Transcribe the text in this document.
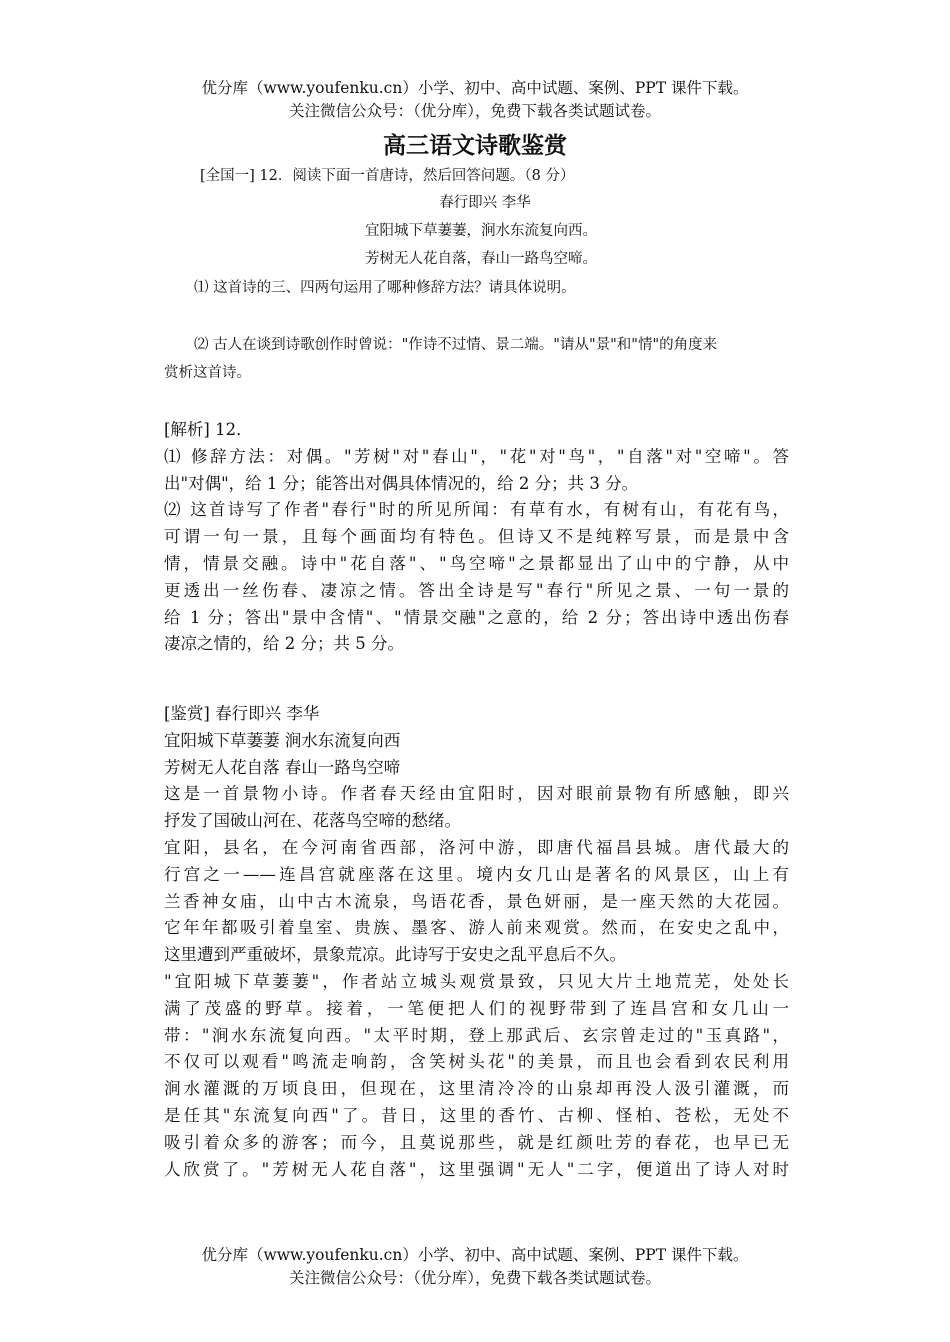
优分库（www.youfenku.cn）小学、初中、高中试题、案例、PPT 课件下载。
关注微信公众号：（优分库），免费下载各类试题试卷。
高三语文诗歌鉴赏
[全国一] 12．阅读下面一首唐诗，然后回答问题。（8 分）
春行即兴 李华
宜阳城下草萋萋，涧水东流复向西。
芳树无人花自落，春山一路鸟空啼。
⑴ 这首诗的三、四两句运用了哪种修辞方法？请具体说明。
⑵ 古人在谈到诗歌创作时曾说："作诗不过情、景二端。"请从"景"和"情"的角度来
赏析这首诗。
[解析] 12．
⑴ 修辞方法：对偶。"芳树"对"春山"，"花"对"鸟"，"自落"对"空啼"。答
出"对偶"，给 1 分；能答出对偶具体情况的，给 2 分；共 3 分。
⑵ 这首诗写了作者"春行"时的所见所闻：有草有水，有树有山，有花有鸟，
可谓一句一景，且每个画面均有特色。但诗又不是纯粹写景，而是景中含
情，情景交融。诗中"花自落"、"鸟空啼"之景都显出了山中的宁静，从中
更透出一丝伤春、凄凉之情。答出全诗是写"春行"所见之景、一句一景的
给 1 分；答出"景中含情"、"情景交融"之意的，给 2 分；答出诗中透出伤春
凄凉之情的，给 2 分；共 5 分。
[鉴赏] 春行即兴 李华
宜阳城下草萋萋 涧水东流复向西
芳树无人花自落 春山一路鸟空啼
这是一首景物小诗。作者春天经由宜阳时，因对眼前景物有所感触，即兴
抒发了国破山河在、花落鸟空啼的愁绪。
宜阳，县名，在今河南省西部，洛河中游，即唐代福昌县城。唐代最大的
行宫之一——连昌宫就座落在这里。境内女几山是著名的风景区，山上有
兰香神女庙，山中古木流泉，鸟语花香，景色妍丽，是一座天然的大花园。
它年年都吸引着皇室、贵族、墨客、游人前来观赏。然而，在安史之乱中，
这里遭到严重破坏，景象荒凉。此诗写于安史之乱平息后不久。
"宜阳城下草萋萋"，作者站立城头观赏景致，只见大片土地荒芜，处处长
满了茂盛的野草。接着，一笔便把人们的视野带到了连昌宫和女几山一
带："涧水东流复向西。"太平时期，登上那武后、玄宗曾走过的"玉真路"，
不仅可以观看"鸣流走响韵，含笑树头花"的美景，而且也会看到农民利用
涧水灌溉的万顷良田，但现在，这里清冷冷的山泉却再没人汲引灌溉，而
是任其"东流复向西"了。昔日，这里的香竹、古柳、怪柏、苍松，无处不
吸引着众多的游客；而今，且莫说那些，就是红颜吐芳的春花，也早已无
人欣赏了。"芳树无人花自落"，这里强调"无人"二字，便道出了诗人对时
优分库（www.youfenku.cn）小学、初中、高中试题、案例、PPT 课件下载。
关注微信公众号：（优分库），免费下载各类试题试卷。
